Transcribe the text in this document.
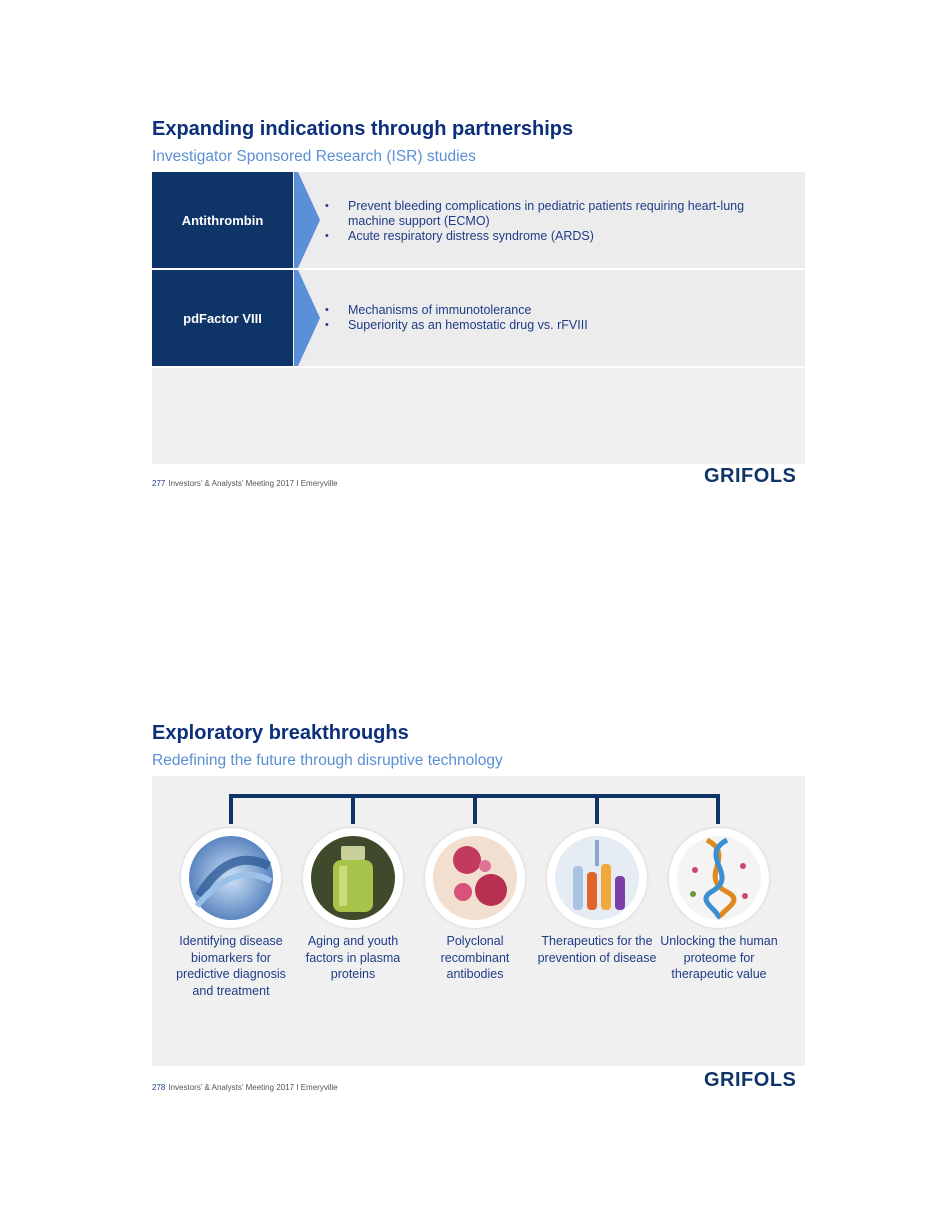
Expanding indications through partnerships
Investigator Sponsored Research (ISR) studies
Antithrombin
• Prevent bleeding complications in pediatric patients requiring heart-lung machine support (ECMO)
• Acute respiratory distress syndrome (ARDS)
pdFactor VIII
• Mechanisms of immunotolerance
• Superiority as an hemostatic drug vs. rFVIII
277 Investors’ & Analysts’ Meeting 2017 I Emeryville	GRIFOLS
Exploratory breakthroughs
Redefining the future through disruptive technology
Identifying disease biomarkers for predictive diagnosis and treatment
Aging and youth factors in plasma proteins
Polyclonal recombinant antibodies
Therapeutics for the prevention of disease
Unlocking the human proteome for therapeutic value
278 Investors’ & Analysts’ Meeting 2017 I Emeryville	GRIFOLS
